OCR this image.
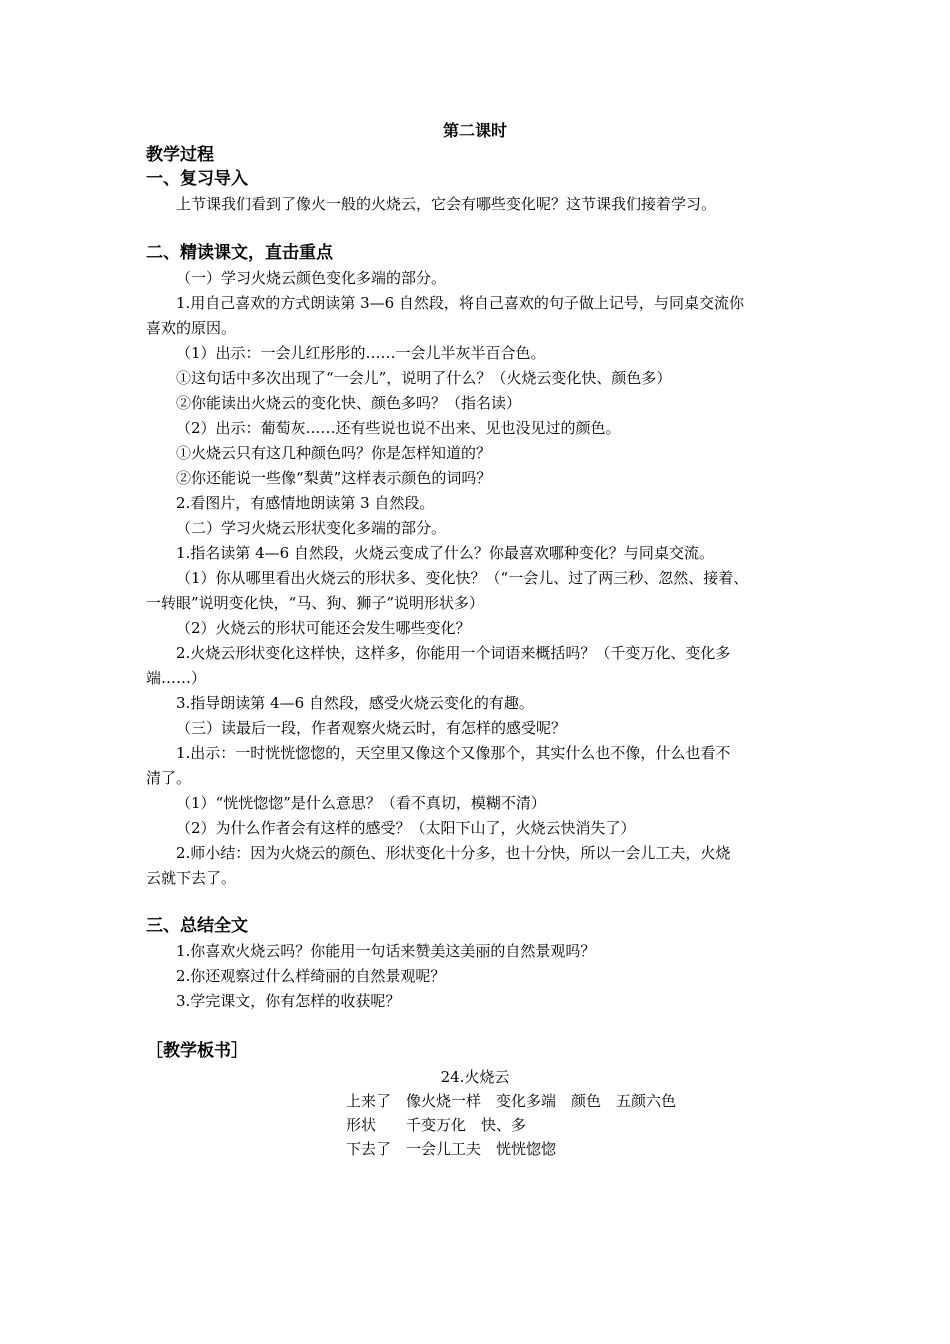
第二课时
教学过程
一、复习导入
上节课我们看到了像火一般的火烧云，它会有哪些变化呢？这节课我们接着学习。
二、精读课文，直击重点
（一）学习火烧云颜色变化多端的部分。
1.用自己喜欢的方式朗读第 3—6 自然段，将自己喜欢的句子做上记号，与同桌交流你
喜欢的原因。
（1）出示：一会儿红彤彤的……一会儿半灰半百合色。
①这句话中多次出现了“一会儿”，说明了什么？（火烧云变化快、颜色多）
②你能读出火烧云的变化快、颜色多吗？（指名读）
（2）出示：葡萄灰……还有些说也说不出来、见也没见过的颜色。
①火烧云只有这几种颜色吗？你是怎样知道的？
②你还能说一些像“梨黄”这样表示颜色的词吗？
2.看图片，有感情地朗读第 3 自然段。
（二）学习火烧云形状变化多端的部分。
1.指名读第 4—6 自然段，火烧云变成了什么？你最喜欢哪种变化？与同桌交流。
（1）你从哪里看出火烧云的形状多、变化快？（“一会儿、过了两三秒、忽然、接着、
一转眼”说明变化快，“马、狗、狮子”说明形状多）
（2）火烧云的形状可能还会发生哪些变化？
2.火烧云形状变化这样快，这样多，你能用一个词语来概括吗？（千变万化、变化多
端……）
3.指导朗读第 4—6 自然段，感受火烧云变化的有趣。
（三）读最后一段，作者观察火烧云时，有怎样的感受呢？
1.出示：一时恍恍惚惚的，天空里又像这个又像那个，其实什么也不像，什么也看不
清了。
（1）“恍恍惚惚”是什么意思？（看不真切，模糊不清）
（2）为什么作者会有这样的感受？（太阳下山了，火烧云快消失了）
2.师小结：因为火烧云的颜色、形状变化十分多，也十分快，所以一会儿工夫，火烧
云就下去了。
三、总结全文
1.你喜欢火烧云吗？你能用一句话来赞美这美丽的自然景观吗？
2.你还观察过什么样绮丽的自然景观呢？
3.学完课文，你有怎样的收获呢？
［教学板书］
24.火烧云
上来了　像火烧一样　变化多端　颜色　五颜六色
形状　　千变万化　快、多
下去了　一会儿工夫　恍恍惚惚
